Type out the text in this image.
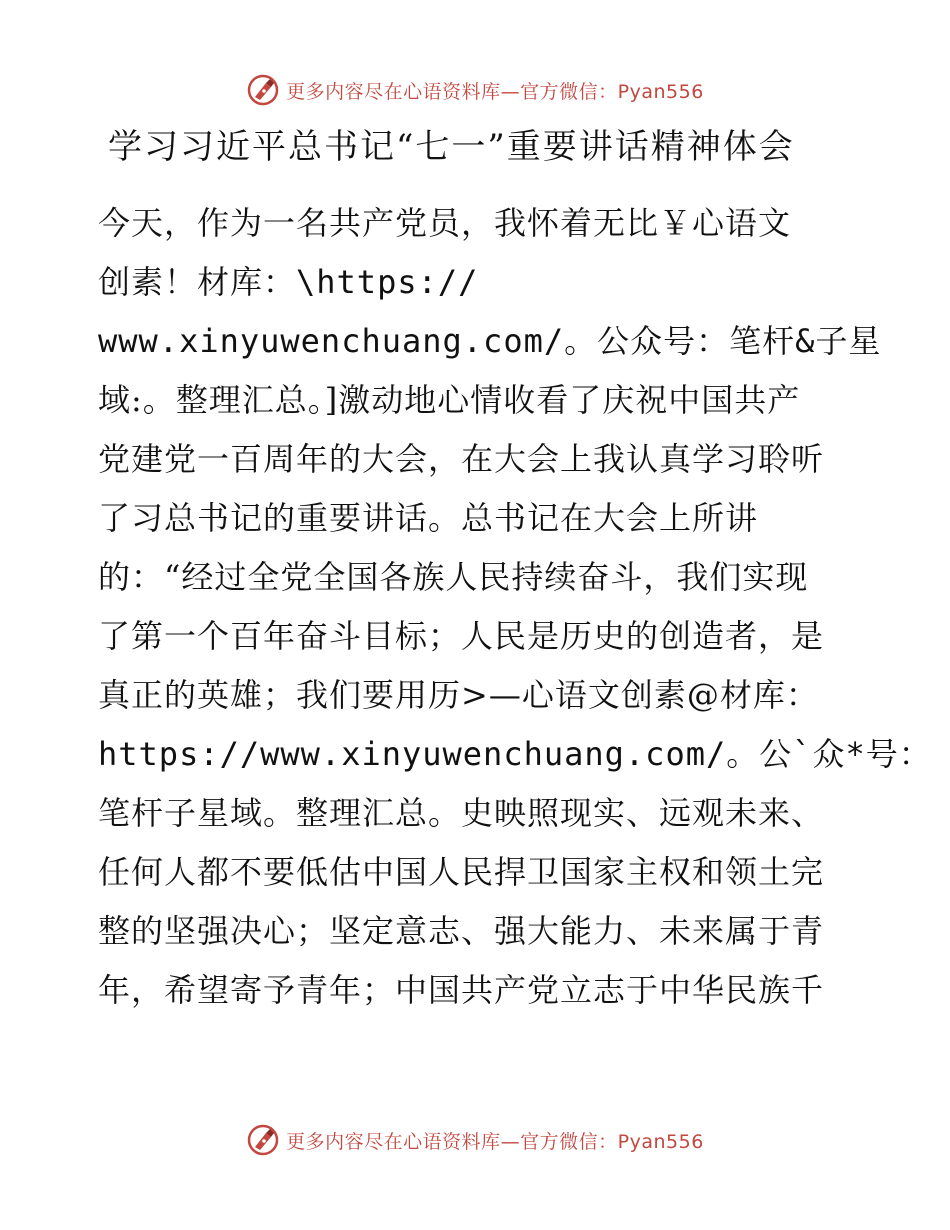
更多内容尽在心语资料库—官方微信：Pyan556
学习习近平总书记“七一”重要讲话精神体会
今天，作为一名共产党员，我怀着无比￥心语文
创素！材库：\https://
www.xinyuwenchuang.com/。公众号：笔杆&子星
域:。整理汇总。]激动地心情收看了庆祝中国共产
党建党一百周年的大会，在大会上我认真学习聆听
了习总书记的重要讲话。总书记在大会上所讲
的：“经过全党全国各族人民持续奋斗，我们实现
了第一个百年奋斗目标；人民是历史的创造者，是
真正的英雄；我们要用历>—心语文创素@材库：
https://www.xinyuwenchuang.com/。公`众*号：
笔杆子星域。整理汇总。史映照现实、远观未来、
任何人都不要低估中国人民捍卫国家主权和领土完
整的坚强决心；坚定意志、强大能力、未来属于青
年，希望寄予青年；中国共产党立志于中华民族千
更多内容尽在心语资料库—官方微信：Pyan556
